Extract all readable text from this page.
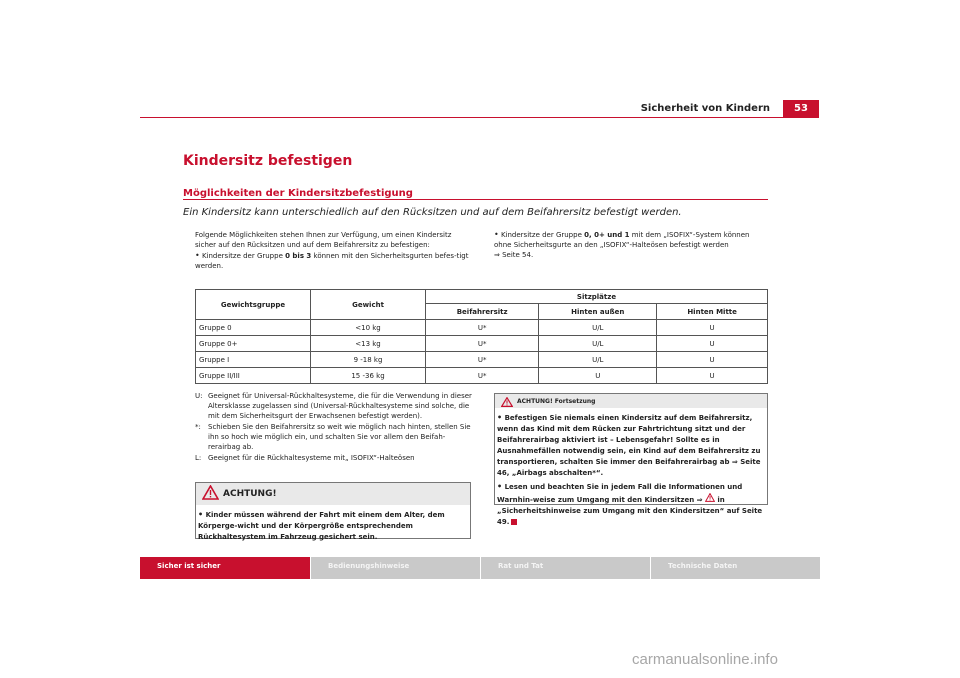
Sicherheit von Kindern	53
Kindersitz befestigen
Möglichkeiten der Kindersitzbefestigung
Ein Kindersitz kann unterschiedlich auf den Rücksitzen und auf dem Beifahrersitz befestigt werden.

Folgende Möglichkeiten stehen Ihnen zur Verfügung, um einen Kindersitz sicher auf den Rücksitzen und auf dem Beifahrersitz zu befestigen:

• Kindersitze der Gruppe 0 bis 3 können mit den Sicherheitsgurten befes-tigt werden.

• Kindersitze der Gruppe 0, 0+ und 1 mit dem „ISOFIX“-System können ohne Sicherheitsgurte an den „ISOFIX“-Halteösen befestigt werden
⇒ Seite 54.

Gewichtsgruppe	Gewicht	Sitzplätze		
		Beifahrersitz	Hinten außen	Hinten Mitte
Gruppe 0	<10 kg	U*	U/L	U
Gruppe 0+	<13 kg	U*	U/L	U
Gruppe I	9 -18 kg	U*	U/L	U
Gruppe II/III	15 -36 kg	U*	U	U
U: Geeignet für Universal-Rückhaltesysteme, die für die Verwendung in dieser Altersklasse zugelassen sind (Universal-Rückhaltesysteme sind solche, die mit dem Sicherheitsgurt der Erwachsenen befestigt werden).
*:	Schieben Sie den Beifahrersitz so weit wie möglich nach hinten, stellen Sie ihn so hoch wie möglich ein, und schalten Sie vor allem den Beifah-rerairbag ab.
L: Geeignet für die Rückhaltesysteme mit„ ISOFIX“-Halteösen
ACHTUNG!
• Kinder müssen während der Fahrt mit einem dem Alter, dem Körperge-wicht und der Körpergröße entsprechendem Rückhaltesystem im Fahrzeug gesichert sein.
ACHTUNG! Fortsetzung

• Befestigen Sie niemals einen Kindersitz auf dem Beifahrersitz, wenn das Kind mit dem Rücken zur Fahrtrichtung sitzt und der Beifahrerairbag aktiviert ist – Lebensgefahr! Sollte es in Ausnahmefällen notwendig sein, ein Kind auf dem Beifahrersitz zu transportieren, schalten Sie immer den Beifahrerairbag ab ⇒ Seite 46, „Airbags abschalten*“.

• Lesen und beachten Sie in jedem Fall die Informationen und Warnhin-weise zum Umgang mit den Kindersitzen ⇒ in „Sicherheitshinweise zum Umgang mit den Kindersitzen“ auf Seite 49.

Sicher ist sicher	Bedienungshinweise	Rat und Tat	Technische Daten
carmanualsonline.info
